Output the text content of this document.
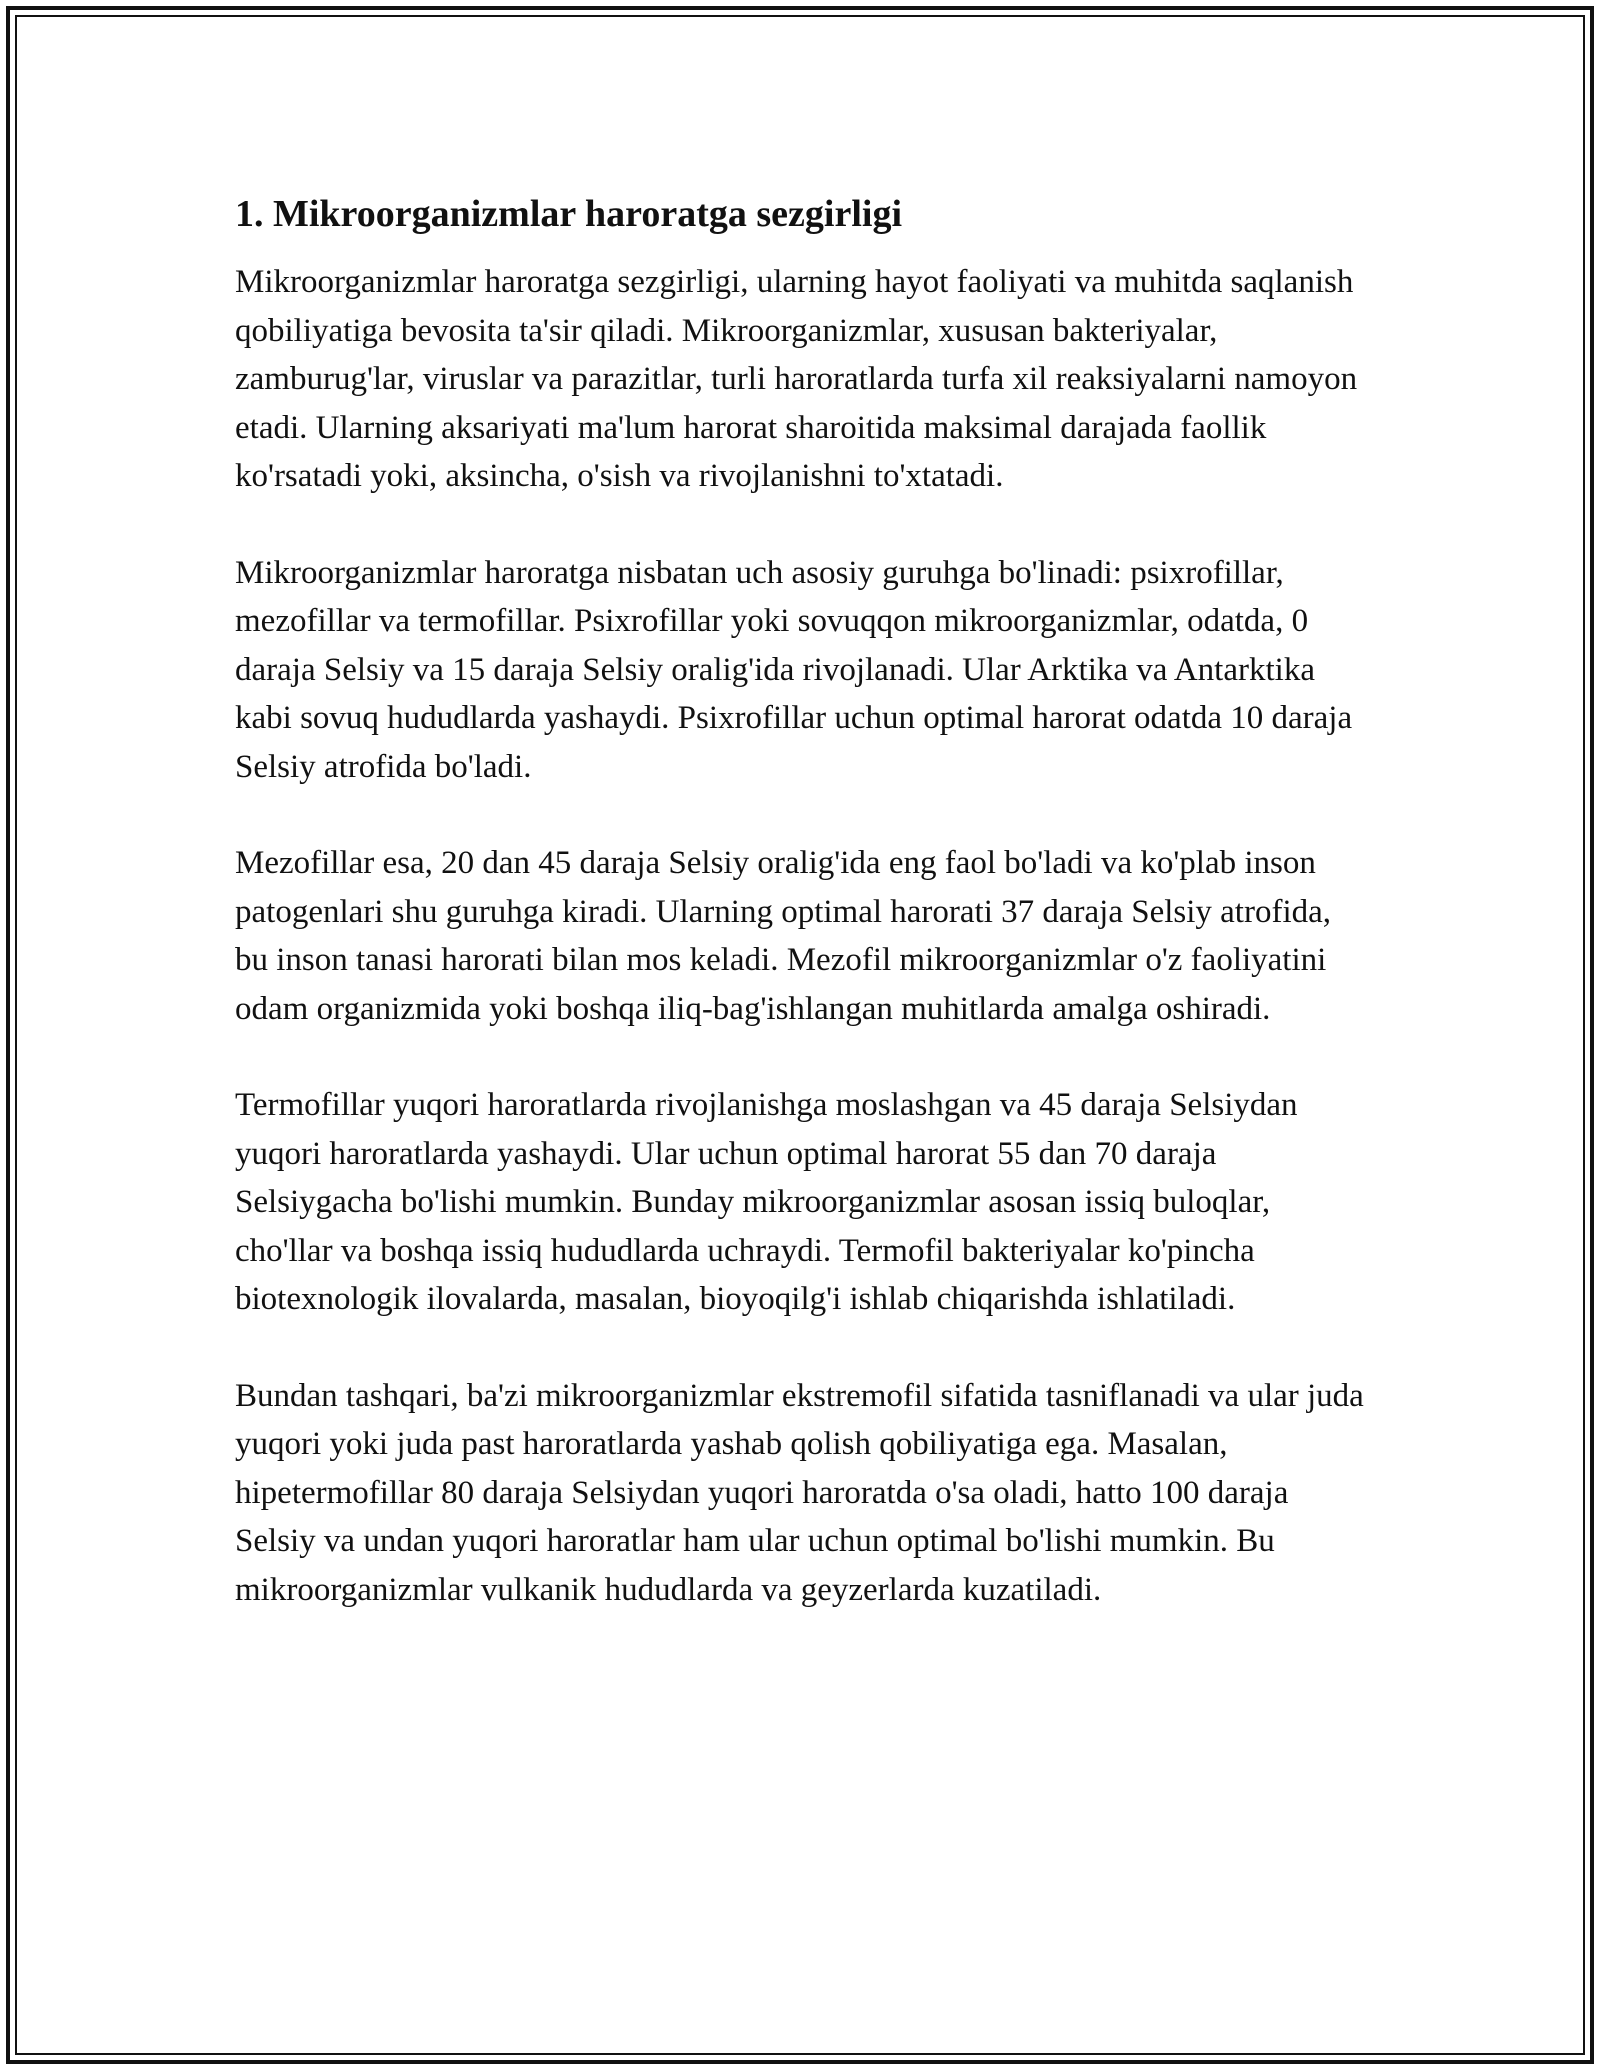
1. Mikroorganizmlar haroratga sezgirligi

Mikroorganizmlar haroratga sezgirligi, ularning hayot faoliyati va muhitda saqlanish qobiliyatiga bevosita ta'sir qiladi. Mikroorganizmlar, xususan bakteriyalar, zamburug'lar, viruslar va parazitlar, turli haroratlarda turfa xil reaksiyalarni namoyon etadi. Ularning aksariyati ma'lum harorat sharoitida maksimal darajada faollik ko'rsatadi yoki, aksincha, o'sish va rivojlanishni to'xtatadi.

Mikroorganizmlar haroratga nisbatan uch asosiy guruhga bo'linadi: psixrofillar, mezofillar va termofillar. Psixrofillar yoki sovuqqon mikroorganizmlar, odatda, 0 daraja Selsiy va 15 daraja Selsiy oralig'ida rivojlanadi. Ular Arktika va Antarktika kabi sovuq hududlarda yashaydi. Psixrofillar uchun optimal harorat odatda 10 daraja Selsiy atrofida bo'ladi.

Mezofillar esa, 20 dan 45 daraja Selsiy oralig'ida eng faol bo'ladi va ko'plab inson patogenlari shu guruhga kiradi. Ularning optimal harorati 37 daraja Selsiy atrofida, bu inson tanasi harorati bilan mos keladi. Mezofil mikroorganizmlar o'z faoliyatini odam organizmida yoki boshqa iliq-bag'ishlangan muhitlarda amalga oshiradi.

Termofillar yuqori haroratlarda rivojlanishga moslashgan va 45 daraja Selsiydan yuqori haroratlarda yashaydi. Ular uchun optimal harorat 55 dan 70 daraja Selsiygacha bo'lishi mumkin. Bunday mikroorganizmlar asosan issiq buloqlar, cho'llar va boshqa issiq hududlarda uchraydi. Termofil bakteriyalar ko'pincha biotexnologik ilovalarda, masalan, bioyoqilg'i ishlab chiqarishda ishlatiladi.

Bundan tashqari, ba'zi mikroorganizmlar ekstremofil sifatida tasniflanadi va ular juda yuqori yoki juda past haroratlarda yashab qolish qobiliyatiga ega. Masalan, hipetermofillar 80 daraja Selsiydan yuqori haroratda o'sa oladi, hatto 100 daraja Selsiy va undan yuqori haroratlar ham ular uchun optimal bo'lishi mumkin. Bu mikroorganizmlar vulkanik hududlarda va geyzerlarda kuzatiladi.
